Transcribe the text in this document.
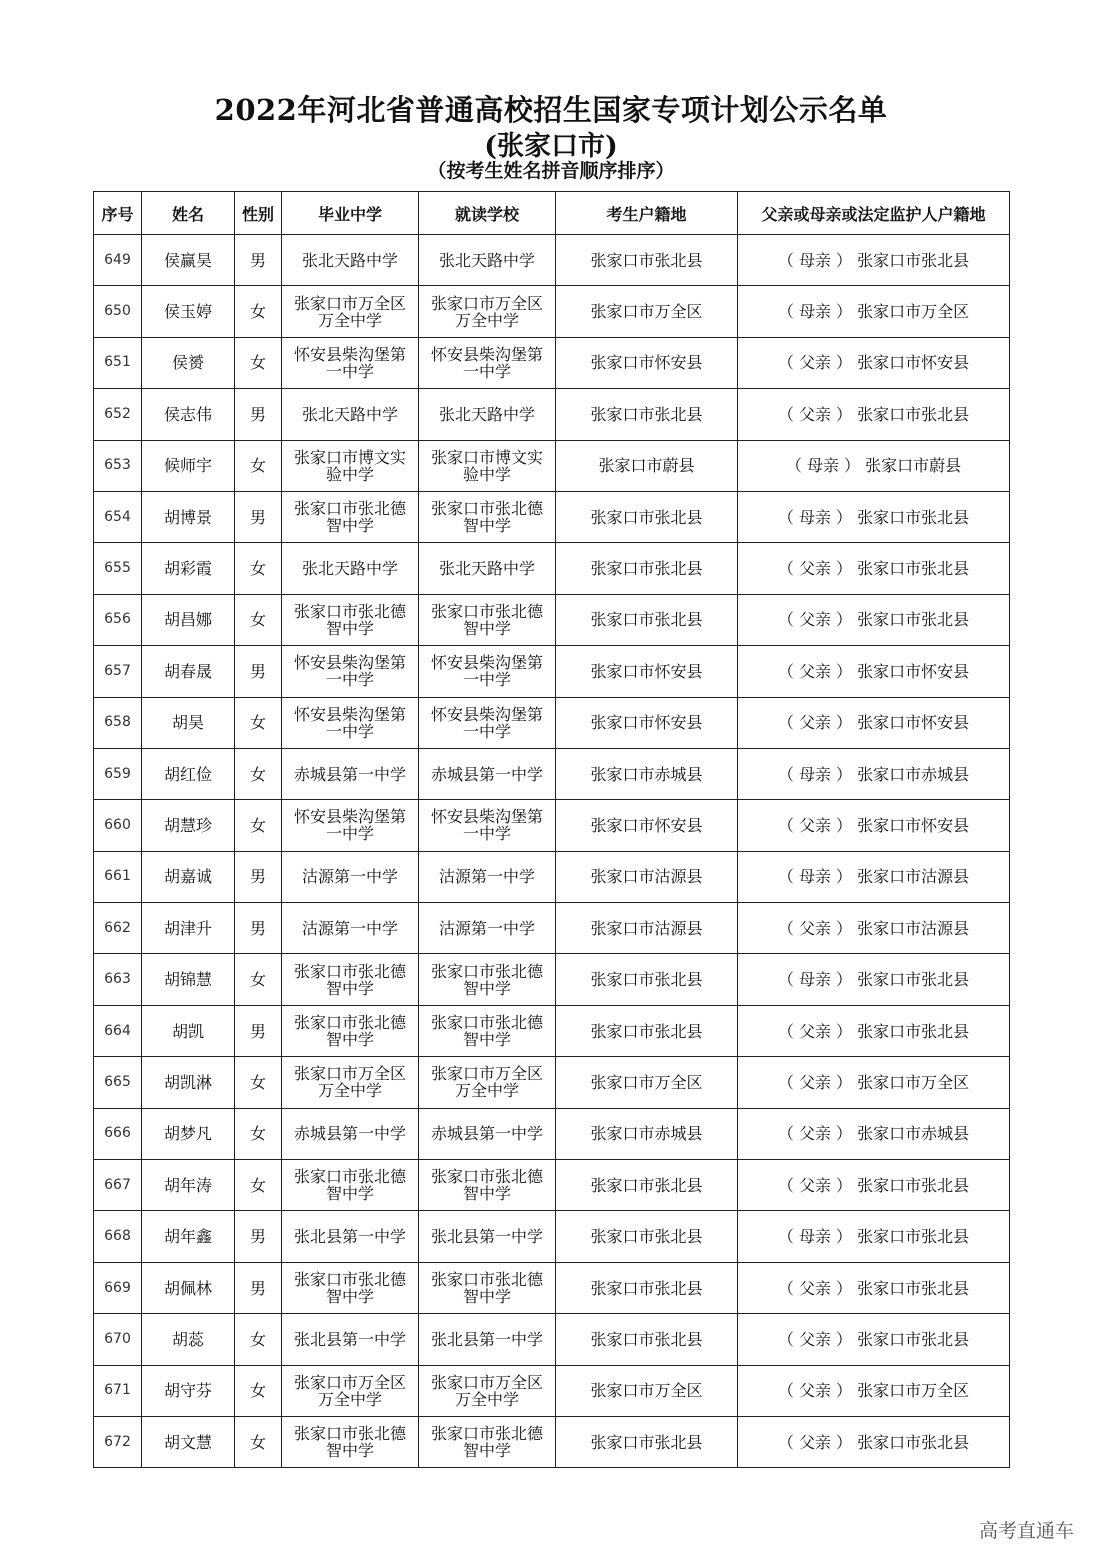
2022年河北省普通高校招生国家专项计划公示名单
(张家口市)
（按考生姓名拼音顺序排序）
序号	姓名	性别	毕业中学	就读学校	考生户籍地	父亲或母亲或法定监护人户籍地
649	侯赢昊	男	张北天路中学	张北天路中学	张家口市张北县	（ 母亲 ） 张家口市张北县
650	侯玉婷	女	张家口市万全区万全中学	张家口市万全区万全中学	张家口市万全区	（ 母亲 ） 张家口市万全区
651	侯赟	女	怀安县柴沟堡第一中学	怀安县柴沟堡第一中学	张家口市怀安县	（ 父亲 ） 张家口市怀安县
652	侯志伟	男	张北天路中学	张北天路中学	张家口市张北县	（ 父亲 ） 张家口市张北县
653	候师宇	女	张家口市博文实验中学	张家口市博文实验中学	张家口市蔚县	（ 母亲 ） 张家口市蔚县
654	胡博景	男	张家口市张北德智中学	张家口市张北德智中学	张家口市张北县	（ 母亲 ） 张家口市张北县
655	胡彩霞	女	张北天路中学	张北天路中学	张家口市张北县	（ 父亲 ） 张家口市张北县
656	胡昌娜	女	张家口市张北德智中学	张家口市张北德智中学	张家口市张北县	（ 父亲 ） 张家口市张北县
657	胡春晟	男	怀安县柴沟堡第一中学	怀安县柴沟堡第一中学	张家口市怀安县	（ 父亲 ） 张家口市怀安县
658	胡昊	女	怀安县柴沟堡第一中学	怀安县柴沟堡第一中学	张家口市怀安县	（ 父亲 ） 张家口市怀安县
659	胡红俭	女	赤城县第一中学	赤城县第一中学	张家口市赤城县	（ 母亲 ） 张家口市赤城县
660	胡慧珍	女	怀安县柴沟堡第一中学	怀安县柴沟堡第一中学	张家口市怀安县	（ 父亲 ） 张家口市怀安县
661	胡嘉诚	男	沽源第一中学	沽源第一中学	张家口市沽源县	（ 母亲 ） 张家口市沽源县
662	胡津升	男	沽源第一中学	沽源第一中学	张家口市沽源县	（ 父亲 ） 张家口市沽源县
663	胡锦慧	女	张家口市张北德智中学	张家口市张北德智中学	张家口市张北县	（ 母亲 ） 张家口市张北县
664	胡凯	男	张家口市张北德智中学	张家口市张北德智中学	张家口市张北县	（ 父亲 ） 张家口市张北县
665	胡凯淋	女	张家口市万全区万全中学	张家口市万全区万全中学	张家口市万全区	（ 父亲 ） 张家口市万全区
666	胡梦凡	女	赤城县第一中学	赤城县第一中学	张家口市赤城县	（ 父亲 ） 张家口市赤城县
667	胡年涛	女	张家口市张北德智中学	张家口市张北德智中学	张家口市张北县	（ 父亲 ） 张家口市张北县
668	胡年鑫	男	张北县第一中学	张北县第一中学	张家口市张北县	（ 母亲 ） 张家口市张北县
669	胡佩林	男	张家口市张北德智中学	张家口市张北德智中学	张家口市张北县	（ 父亲 ） 张家口市张北县
670	胡蕊	女	张北县第一中学	张北县第一中学	张家口市张北县	（ 父亲 ） 张家口市张北县
671	胡守芬	女	张家口市万全区万全中学	张家口市万全区万全中学	张家口市万全区	（ 父亲 ） 张家口市万全区
672	胡文慧	女	张家口市张北德智中学	张家口市张北德智中学	张家口市张北县	（ 父亲 ） 张家口市张北县
高考直通车
